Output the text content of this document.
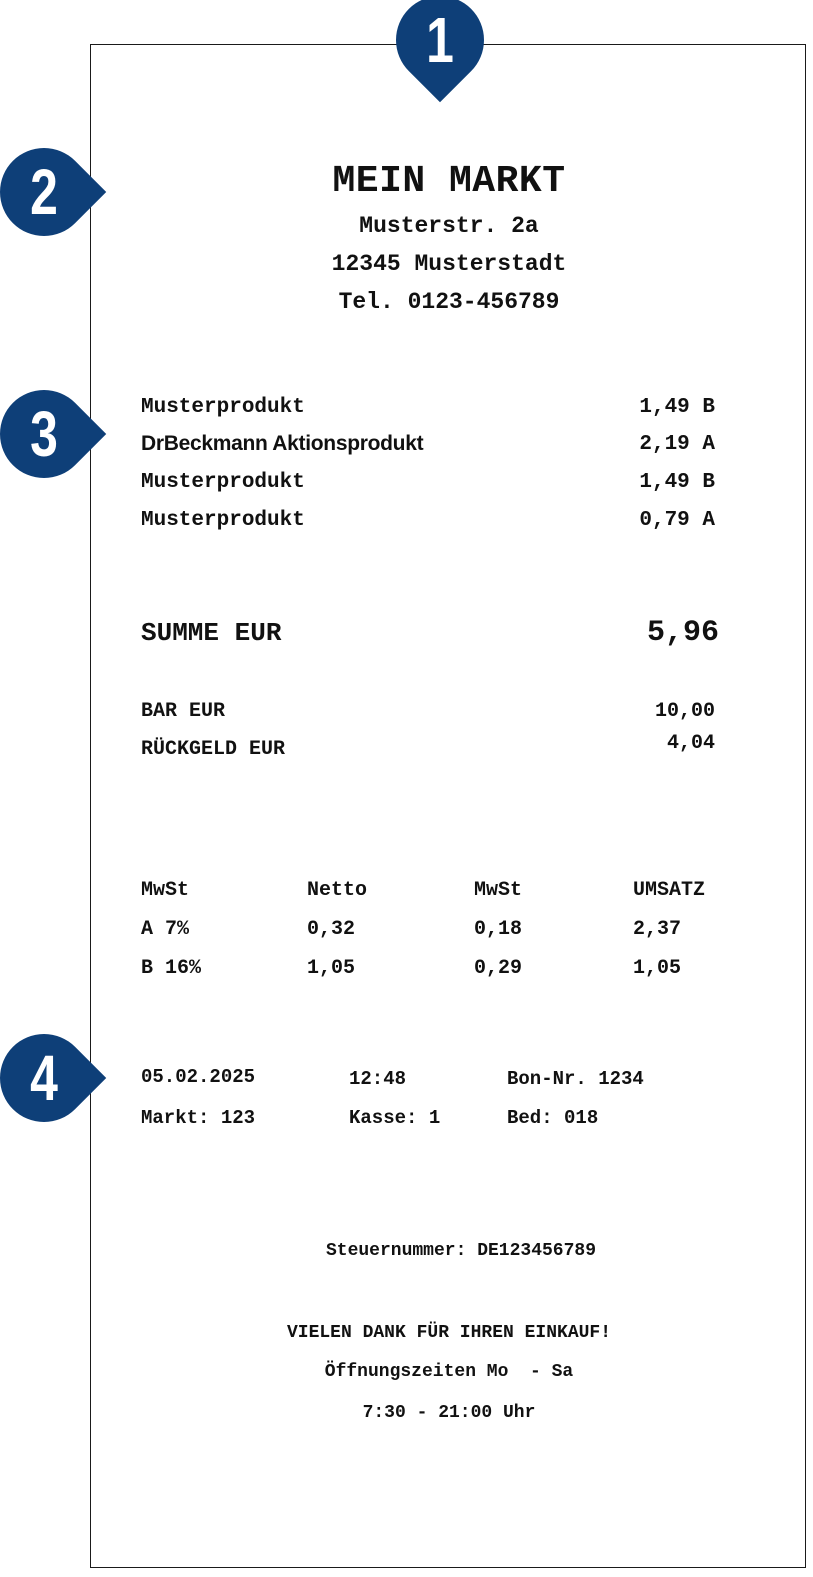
MEIN MARKT
Musterstr. 2a
12345 Musterstadt
Tel. 0123-456789
Musterprodukt	1,49 B
DrBeckmann Aktionsprodukt	2,19 A
Musterprodukt	1,49 B
Musterprodukt	0,79 A
SUMME EUR	5,96
BAR EUR	10,00
RÜCKGELD EUR	4,04
MwSt	Netto	MwSt	UMSATZ
A 7%	0,32	0,18	2,37
B 16%	1,05	0,29	1,05
05.02.2025	12:48	Bon-Nr. 1234
Markt: 123	Kasse: 1	Bed: 018
Steuernummer: DE123456789
VIELEN DANK FÜR IHREN EINKAUF!
Öffnungszeiten Mo  - Sa
7:30 - 21:00 Uhr
1
2
3
4
